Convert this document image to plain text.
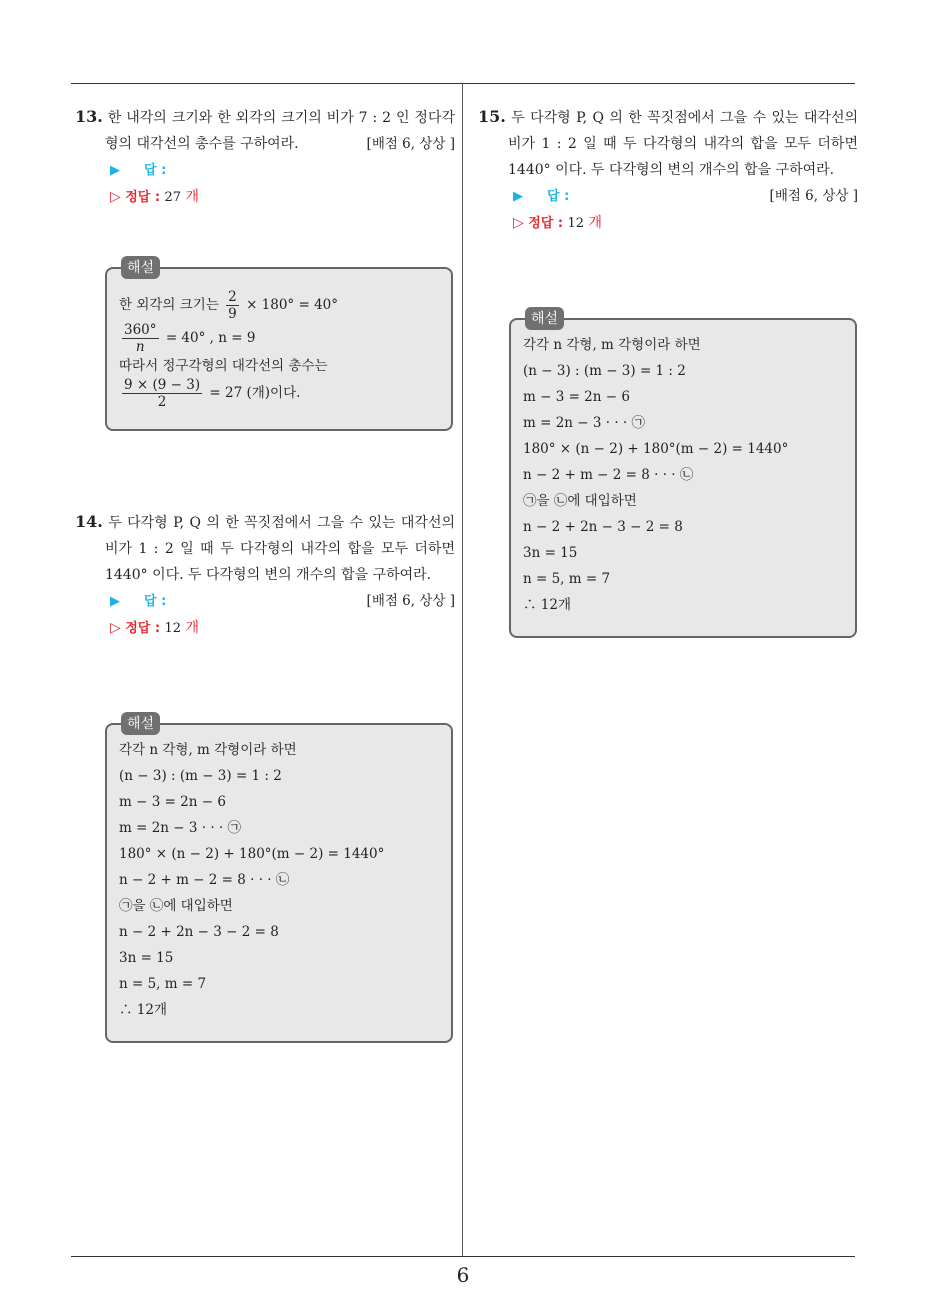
6
13. 한 내각의 크기와 한 외각의 크기의 비가 7 : 2 인 정다각형의 대각선의 총수를 구하여라.	[배점 6, 상상 ]
▶ 답 :
▷ 정답 : 27 개
해설
한 외각의 크기는 $\frac{2}{9} \times 180^\circ = 40^\circ$
$\frac{360^\circ}{n} = 40^\circ$ , n = 9
따라서 정구각형의 대각선의 총수는
$\frac{9 \times (9 - 3)}{2} = 27$ (개)이다.
14. 두 다각형 P, Q 의 한 꼭짓점에서 그을 수 있는 대각선의 비가 1 : 2 일 때 두 다각형의 내각의 합을 모두 더하면 1440° 이다. 두 다각형의 변의 개수의 합을 구하여라.
[배점 6, 상상 ]
▶ 답 :
▷ 정답 : 12 개
해설
각각 n 각형, m 각형이라 하면
(n − 3) : (m − 3) = 1 : 2
m − 3 = 2n − 6
m = 2n − 3 · · · ㉠
180° × (n − 2) + 180°(m − 2) = 1440°
n − 2 + m − 2 = 8 · · · ㉡
㉠을 ㉡에 대입하면
n − 2 + 2n − 3 − 2 = 8
3n = 15
n = 5, m = 7
∴ 12개
15. 두 다각형 P, Q 의 한 꼭짓점에서 그을 수 있는 대각선의 비가 1 : 2 일 때 두 다각형의 내각의 합을 모두 더하면 1440° 이다. 두 다각형의 변의 개수의 합을 구하여라.
[배점 6, 상상 ]
▶ 답 :
▷ 정답 : 12 개
해설
각각 n 각형, m 각형이라 하면
(n − 3) : (m − 3) = 1 : 2
m − 3 = 2n − 6
m = 2n − 3 · · · ㉠
180° × (n − 2) + 180°(m − 2) = 1440°
n − 2 + m − 2 = 8 · · · ㉡
㉠을 ㉡에 대입하면
n − 2 + 2n − 3 − 2 = 8
3n = 15
n = 5, m = 7
∴ 12개
